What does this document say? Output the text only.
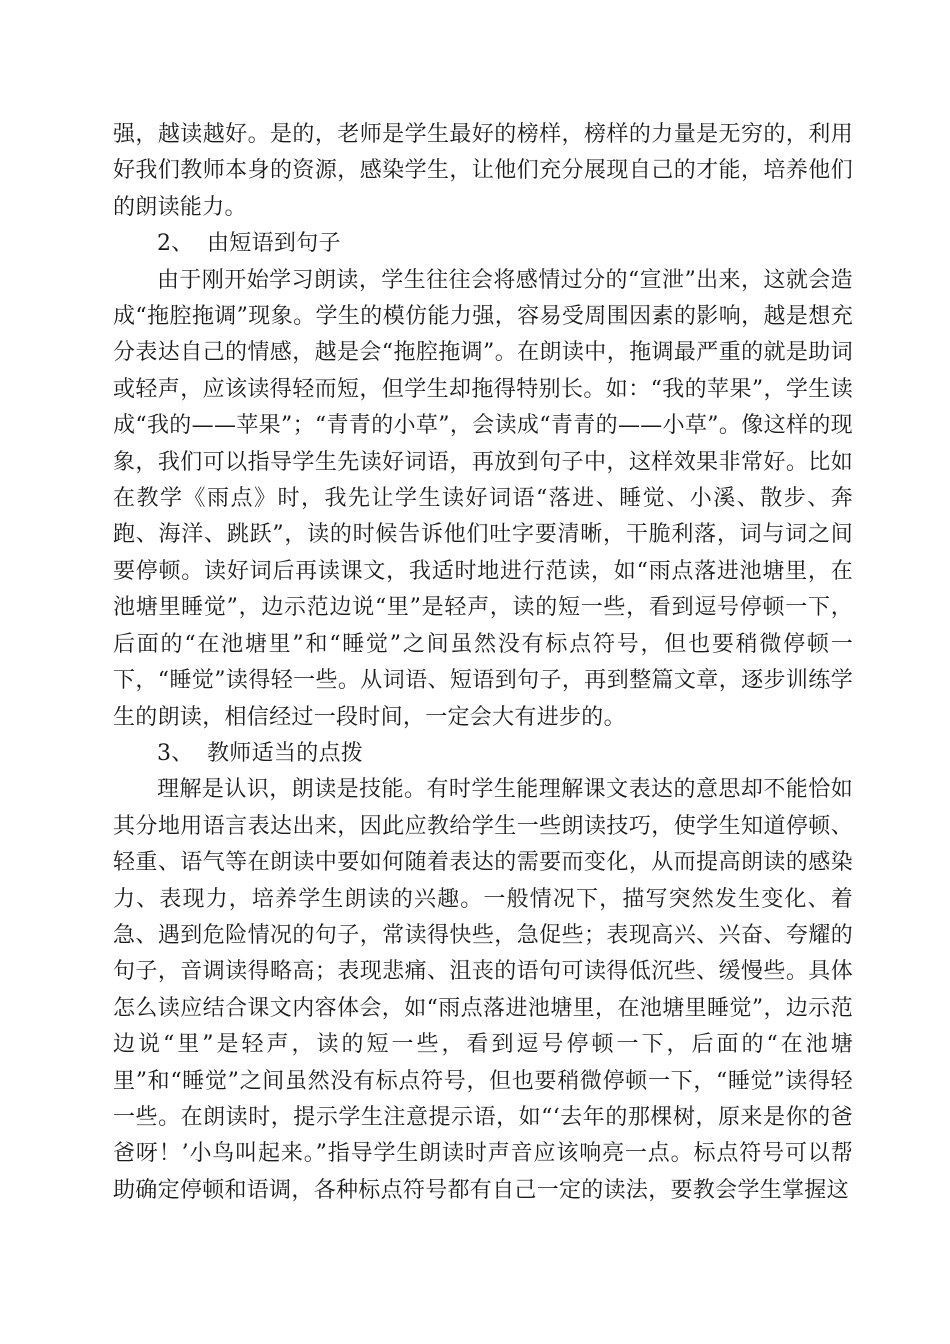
强，越读越好。是的，老师是学生最好的榜样，榜样的力量是无穷的，利用好我们教师本身的资源，感染学生，让他们充分展现自己的才能，培养他们的朗读能力。

2、 由短语到句子

由于刚开始学习朗读，学生往往会将感情过分的“宣泄”出来，这就会造成“拖腔拖调”现象。学生的模仿能力强，容易受周围因素的影响，越是想充分表达自己的情感，越是会“拖腔拖调”。在朗读中，拖调最严重的就是助词或轻声，应该读得轻而短，但学生却拖得特别长。如：“我的苹果”，学生读成“我的——苹果”；“青青的小草”，会读成“青青的——小草”。像这样的现象，我们可以指导学生先读好词语，再放到句子中，这样效果非常好。比如在教学《雨点》时，我先让学生读好词语“落进、睡觉、小溪、散步、奔跑、海洋、跳跃”，读的时候告诉他们吐字要清晰，干脆利落，词与词之间要停顿。读好词后再读课文，我适时地进行范读，如“雨点落进池塘里，在池塘里睡觉”，边示范边说“里”是轻声，读的短一些，看到逗号停顿一下，后面的“在池塘里”和“睡觉”之间虽然没有标点符号，但也要稍微停顿一下，“睡觉”读得轻一些。从词语、短语到句子，再到整篇文章，逐步训练学生的朗读，相信经过一段时间，一定会大有进步的。

3、 教师适当的点拨

理解是认识，朗读是技能。有时学生能理解课文表达的意思却不能恰如其分地用语言表达出来，因此应教给学生一些朗读技巧，使学生知道停顿、轻重、语气等在朗读中要如何随着表达的需要而变化，从而提高朗读的感染力、表现力，培养学生朗读的兴趣。一般情况下，描写突然发生变化、着急、遇到危险情况的句子，常读得快些，急促些；表现高兴、兴奋、夸耀的句子，音调读得略高；表现悲痛、沮丧的语句可读得低沉些、缓慢些。具体怎么读应结合课文内容体会，如“雨点落进池塘里，在池塘里睡觉”，边示范边说“里”是轻声，读的短一些，看到逗号停顿一下，后面的“在池塘里”和“睡觉”之间虽然没有标点符号，但也要稍微停顿一下，“睡觉”读得轻一些。在朗读时，提示学生注意提示语，如“‘去年的那棵树，原来是你的爸爸呀！’小鸟叫起来。”指导学生朗读时声音应该响亮一点。标点符号可以帮助确定停顿和语调，各种标点符号都有自己一定的读法，要教会学生掌握这
